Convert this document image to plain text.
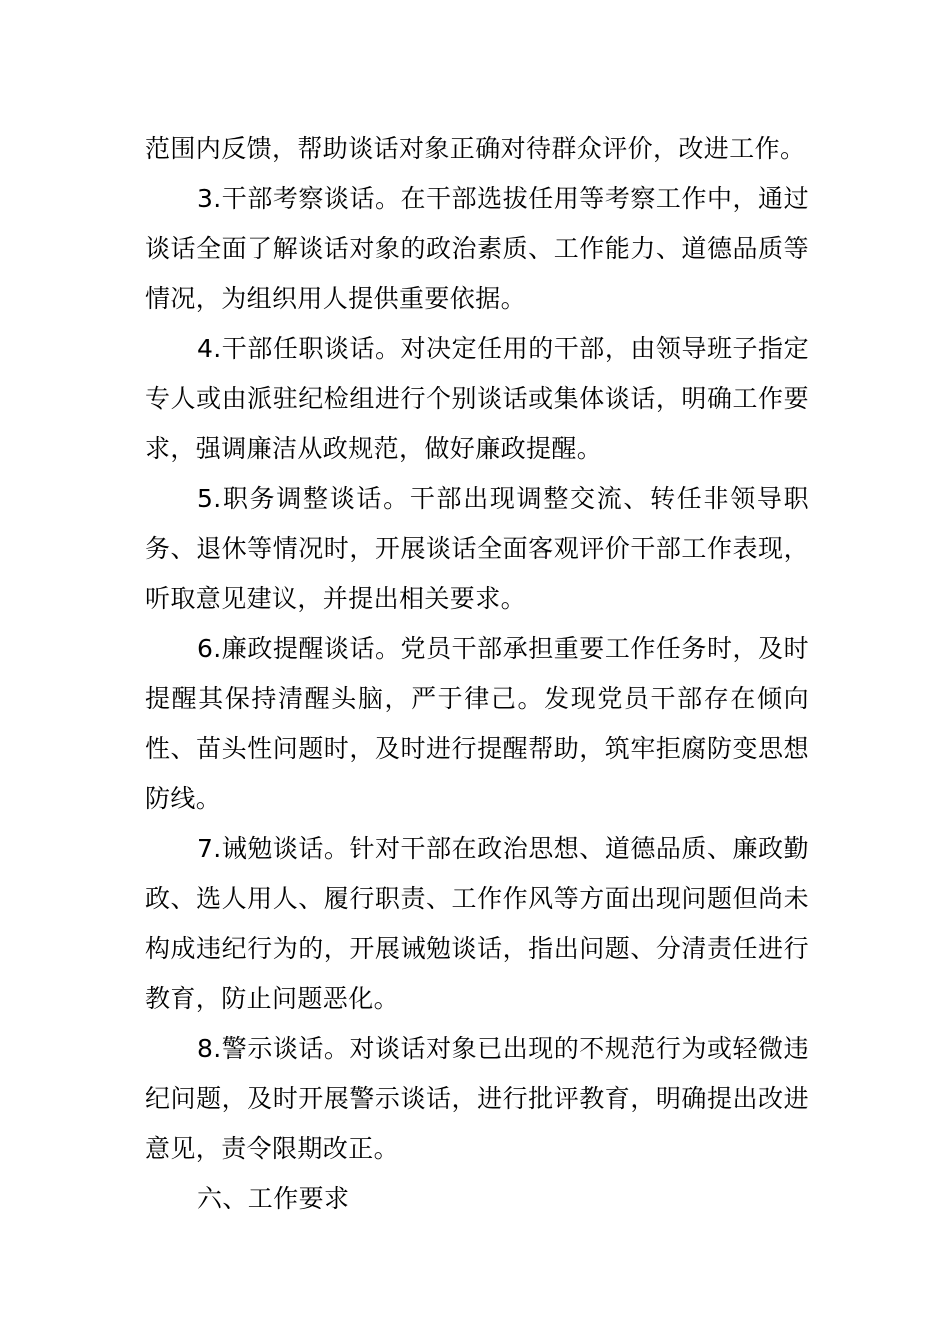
范围内反馈，帮助谈话对象正确对待群众评价，改进工作。

3.干部考察谈话。在干部选拔任用等考察工作中，通过谈话全面了解谈话对象的政治素质、工作能力、道德品质等情况，为组织用人提供重要依据。

4.干部任职谈话。对决定任用的干部，由领导班子指定专人或由派驻纪检组进行个别谈话或集体谈话，明确工作要求，强调廉洁从政规范，做好廉政提醒。

5.职务调整谈话。干部出现调整交流、转任非领导职务、退休等情况时，开展谈话全面客观评价干部工作表现，听取意见建议，并提出相关要求。

6.廉政提醒谈话。党员干部承担重要工作任务时，及时提醒其保持清醒头脑，严于律己。发现党员干部存在倾向性、苗头性问题时，及时进行提醒帮助，筑牢拒腐防变思想防线。

7.诫勉谈话。针对干部在政治思想、道德品质、廉政勤政、选人用人、履行职责、工作作风等方面出现问题但尚未构成违纪行为的，开展诫勉谈话，指出问题、分清责任进行教育，防止问题恶化。

8.警示谈话。对谈话对象已出现的不规范行为或轻微违纪问题，及时开展警示谈话，进行批评教育，明确提出改进意见，责令限期改正。

六、工作要求
